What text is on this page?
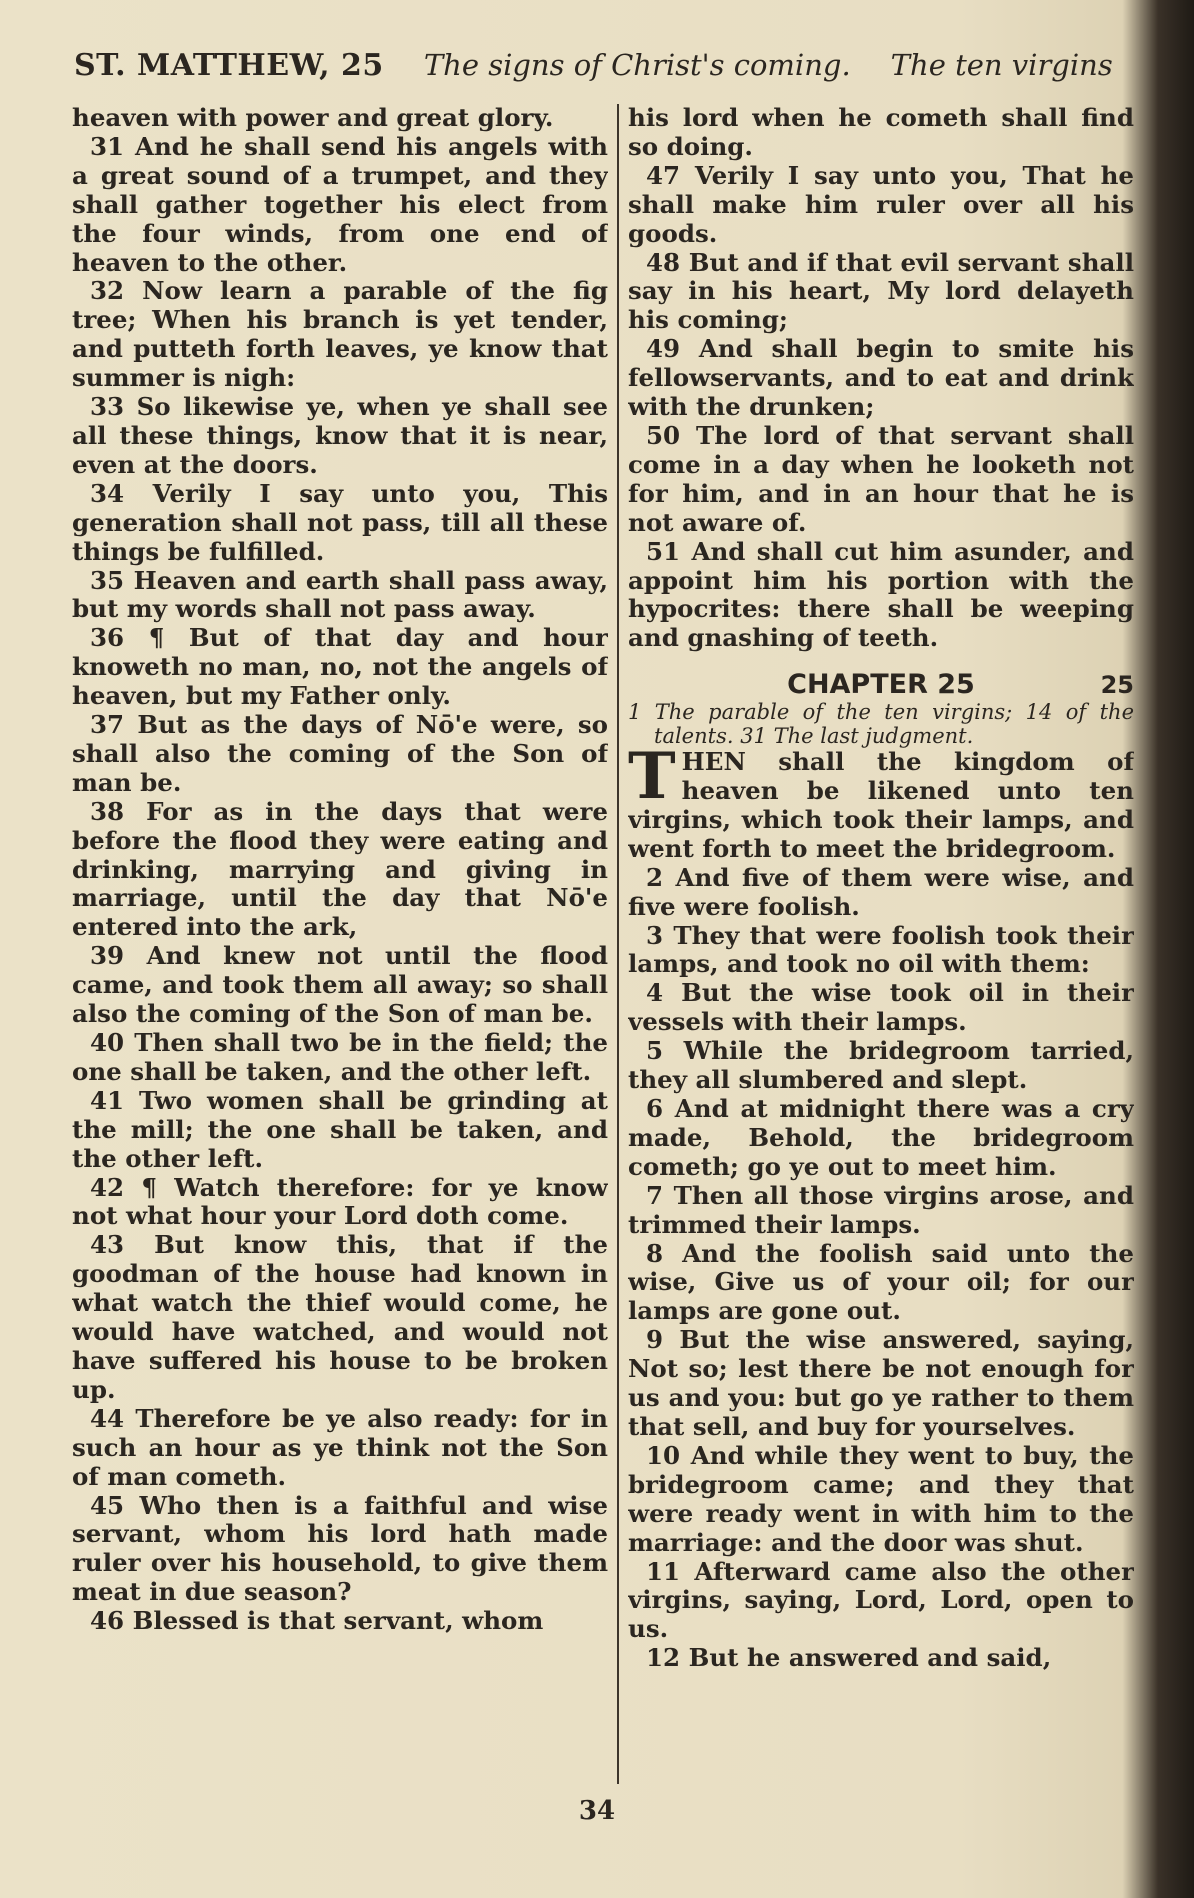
ST. MATTHEW, 25 The signs of Christ's coming. The ten virgins

heaven with power and great glory.

31 And he shall send his angels with a great sound of a trumpet, and they shall gather together his elect from the four winds, from one end of heaven to the other.

32 Now learn a parable of the fig tree; When his branch is yet tender, and putteth forth leaves, ye know that summer is nigh:

33 So likewise ye, when ye shall see all these things, know that it is near, even at the doors.

34 Verily I say unto you, This generation shall not pass, till all these things be fulfilled.

35 Heaven and earth shall pass away, but my words shall not pass away.

36 ¶ But of that day and hour knoweth no man, no, not the angels of heaven, but my Father only.

37 But as the days of Nō'e were, so shall also the coming of the Son of man be.

38 For as in the days that were before the flood they were eating and drinking, marrying and giving in marriage, until the day that Nō'e entered into the ark,

39 And knew not until the flood came, and took them all away; so shall also the coming of the Son of man be.

40 Then shall two be in the field; the one shall be taken, and the other left.

41 Two women shall be grinding at the mill; the one shall be taken, and the other left.

42 ¶ Watch therefore: for ye know not what hour your Lord doth come.

43 But know this, that if the goodman of the house had known in what watch the thief would come, he would have watched, and would not have suffered his house to be broken up.

44 Therefore be ye also ready: for in such an hour as ye think not the Son of man cometh.

45 Who then is a faithful and wise servant, whom his lord hath made ruler over his household, to give them meat in due season?

46 Blessed is that servant, whom

his lord when he cometh shall find so doing.

47 Verily I say unto you, That he shall make him ruler over all his goods.

48 But and if that evil servant shall say in his heart, My lord delayeth his coming;

49 And shall begin to smite his fellowservants, and to eat and drink with the drunken;

50 The lord of that servant shall come in a day when he looketh not for him, and in an hour that he is not aware of.

51 And shall cut him asunder, and appoint him his portion with the hypocrites: there shall be weeping and gnashing of teeth.

CHAPTER 25	25

1 The parable of the ten virgins; 14 of the talents. 31 The last judgment.

THEN shall the kingdom of heaven be likened unto ten virgins, which took their lamps, and went forth to meet the bridegroom.

2 And five of them were wise, and five were foolish.

3 They that were foolish took their lamps, and took no oil with them:

4 But the wise took oil in their vessels with their lamps.

5 While the bridegroom tarried, they all slumbered and slept.

6 And at midnight there was a cry made, Behold, the bridegroom cometh; go ye out to meet him.

7 Then all those virgins arose, and trimmed their lamps.

8 And the foolish said unto the wise, Give us of your oil; for our lamps are gone out.

9 But the wise answered, saying, Not so; lest there be not enough for us and you: but go ye rather to them that sell, and buy for yourselves.

10 And while they went to buy, the bridegroom came; and they that were ready went in with him to the marriage: and the door was shut.

11 Afterward came also the other virgins, saying, Lord, Lord, open to us.

12 But he answered and said,

34
